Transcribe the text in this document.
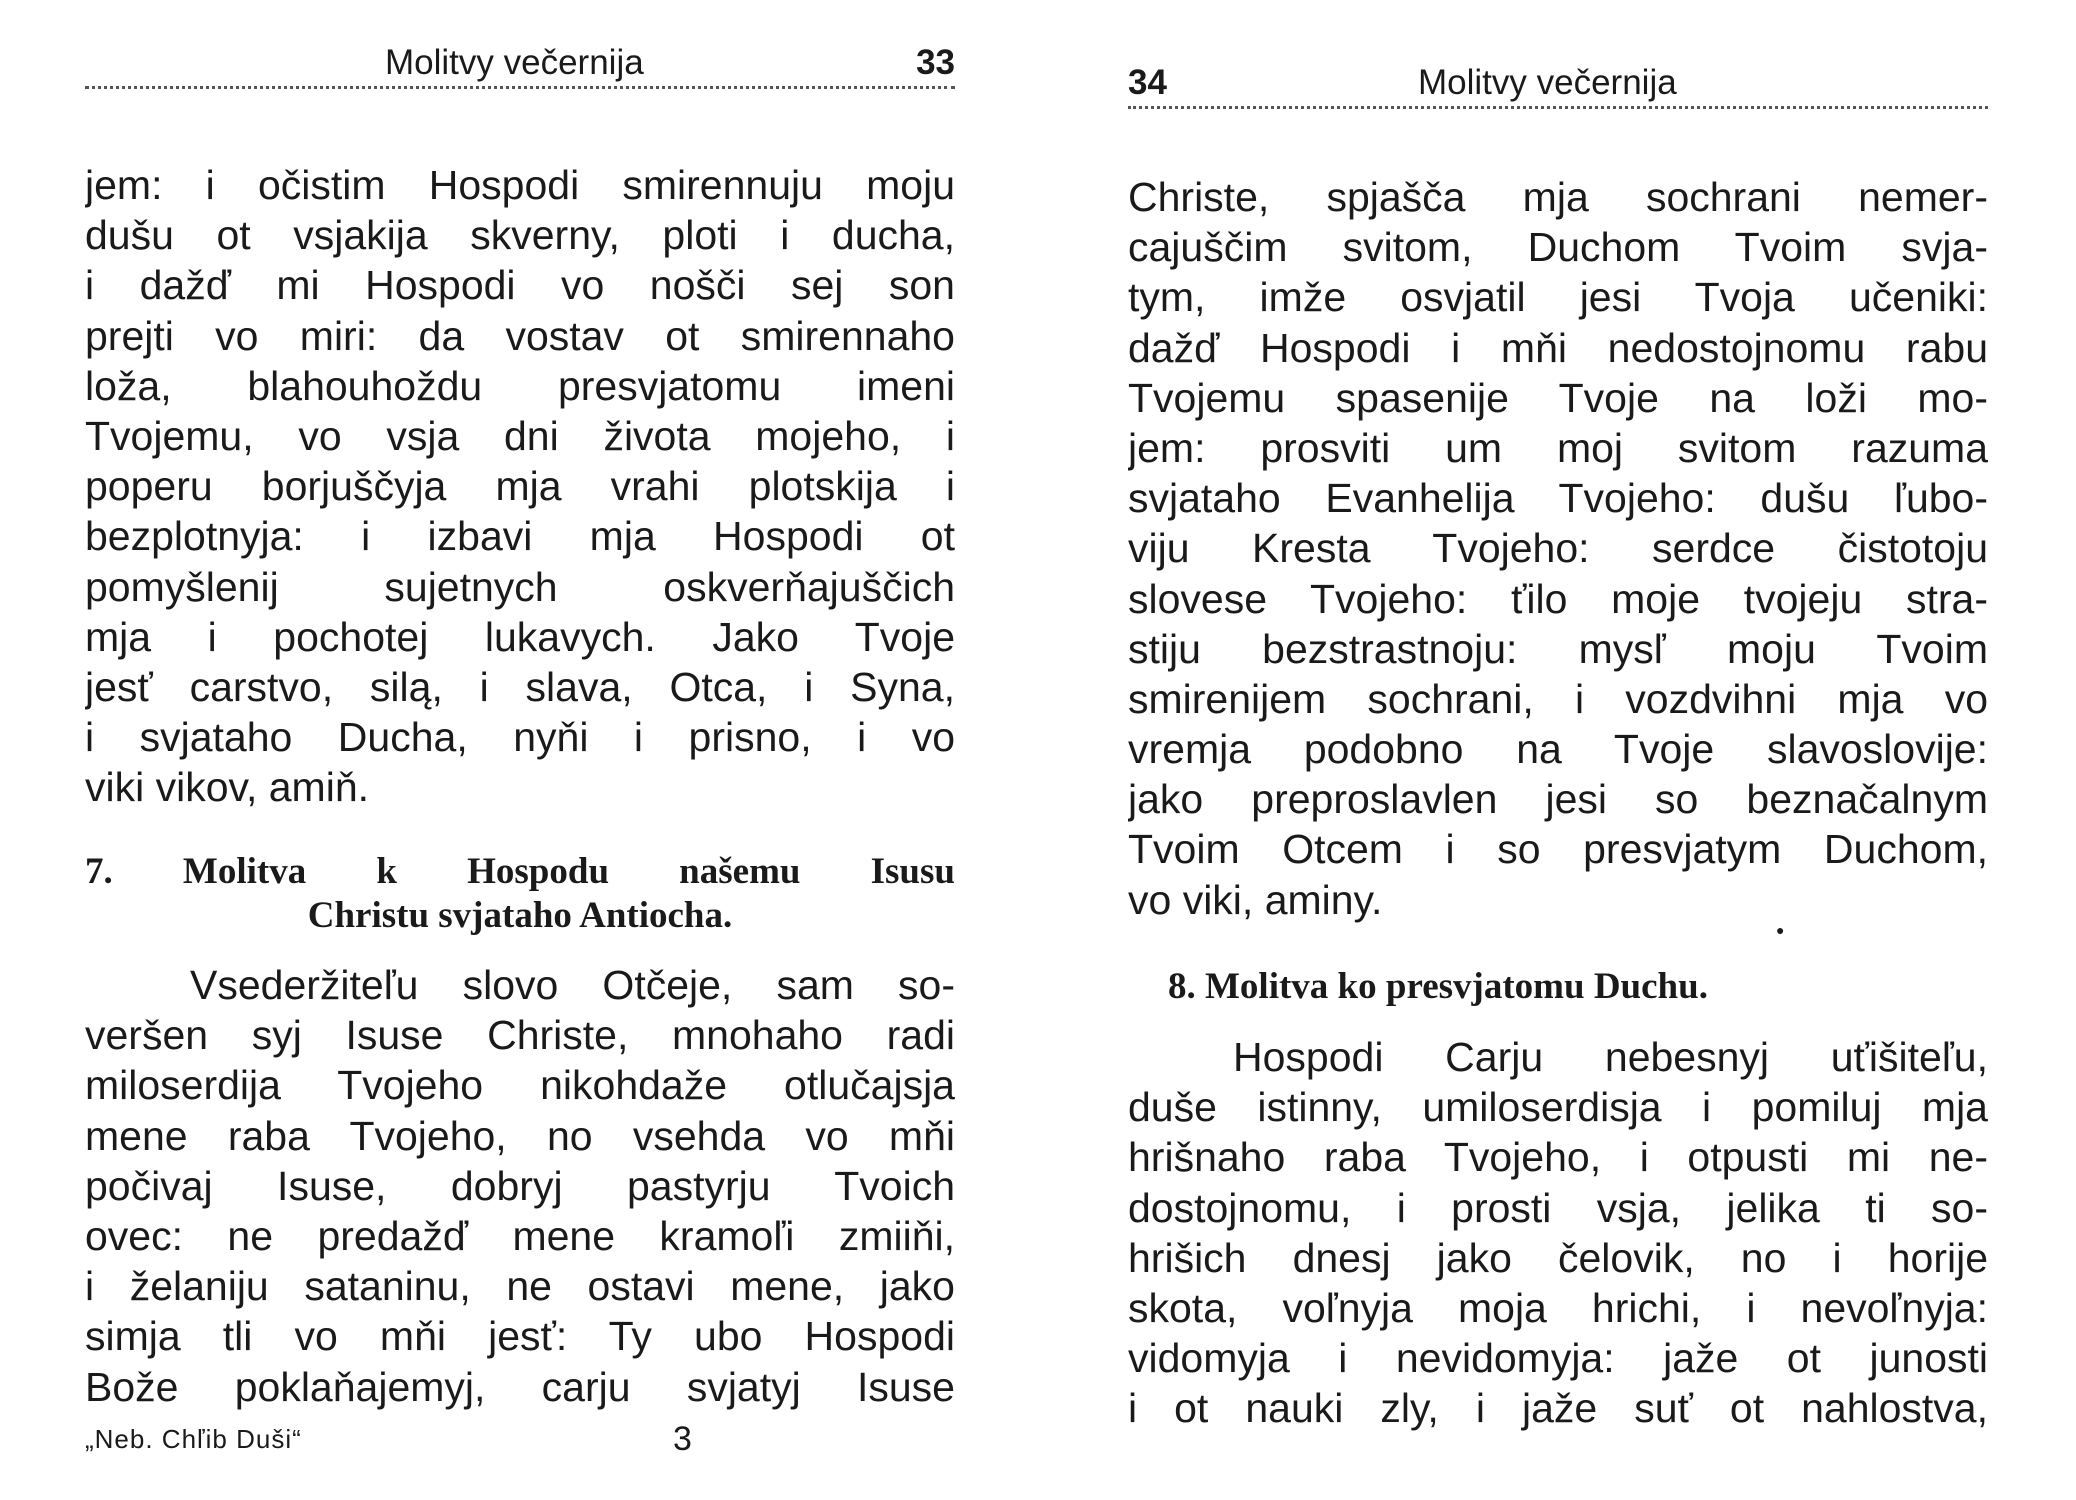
Molitvy večernija	33
jem: i očistim Hospodi smirennuju moju
dušu ot vsjakija skverny, ploti i ducha,
i dažď mi Hospodi vo nošči sej son
prejti vo miri: da vostav ot smirennaho
loža, blahouhoždu presvjatomu imeni
Tvojemu, vo vsja dni života mojeho, i
poperu borjuščyja mja vrahi plotskija i
bezplotnyja: i izbavi mja Hospodi ot
pomyšlenij sujetnych oskverňajuščich
mja i pochotej lukavych. Jako Tvoje
jesť carstvo, silą, i slava, Otca, i Syna,
i svjataho Ducha, nyňi i prisno, i vo
viki vikov, amiň.
7. Molitva k Hospodu našemu Isusu
Christu svjataho Antiocha.
Vsederžiteľu slovo Otčeje, sam so-
veršen syj Isuse Christe, mnohaho radi
miloserdija Tvojeho nikohdaže otlučajsja
mene raba Tvojeho, no vsehda vo mňi
počivaj Isuse, dobryj pastyrju Tvoich
ovec: ne predažď mene kramoľi zmiiňi,
i želaniju sataninu, ne ostavi mene, jako
simja tli vo mňi jesť: Ty ubo Hospodi
Bože poklaňajemyj, carju svjatyj Isuse
„Neb. Chľib Duši“	3
34	Molitvy večernija
Christe, spjašča mja sochrani nemer-
cajuščim svitom, Duchom Tvoim svja-
tym, imže osvjatil jesi Tvoja učeniki:
dažď Hospodi i mňi nedostojnomu rabu
Tvojemu spasenije Tvoje na loži mo-
jem: prosviti um moj svitom razuma
svjataho Evanhelija Tvojeho: dušu ľubo-
viju Kresta Tvojeho: serdce čistotoju
slovese Tvojeho: ťilo moje tvojeju stra-
stiju bezstrastnoju: mysľ moju Tvoim
smirenijem sochrani, i vozdvihni mja vo
vremja podobno na Tvoje slavoslovije:
jako preproslavlen jesi so beznačalnym
Tvoim Otcem i so presvjatym Duchom,
vo viki, aminy.
●
8. Molitva ko presvjatomu Duchu.
Hospodi Carju nebesnyj uťišiteľu,
duše istinny, umiloserdisja i pomiluj mja
hrišnaho raba Tvojeho, i otpusti mi ne-
dostojnomu, i prosti vsja, jelika ti so-
hrišich dnesj jako čelovik, no i horije
skota, voľnyja moja hrichi, i nevoľnyja:
vidomyja i nevidomyja: jaže ot junosti
i ot nauki zly, i jaže suť ot nahlostva,
